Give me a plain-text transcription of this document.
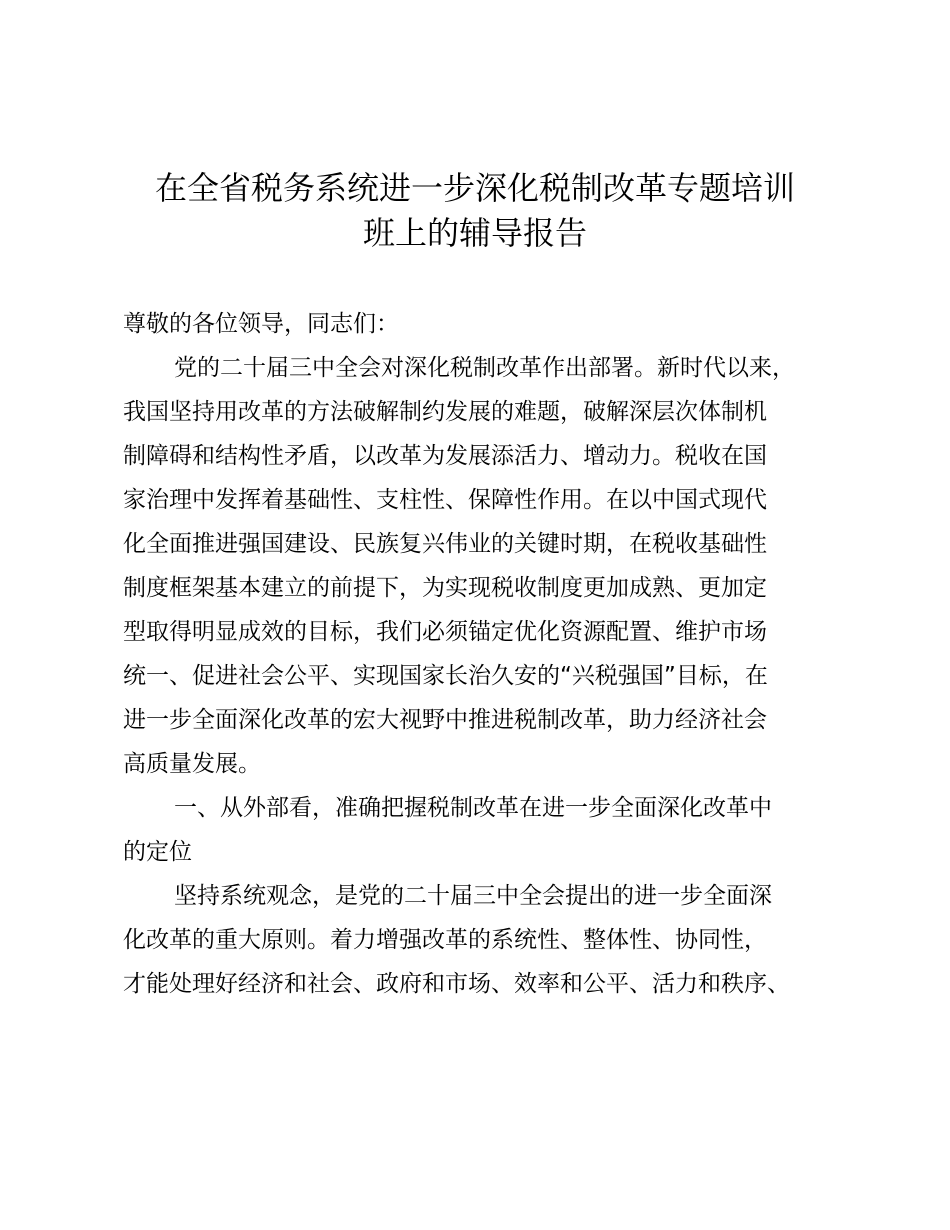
在全省税务系统进一步深化税制改革专题培训
班上的辅导报告

尊敬的各位领导，同志们：

党的二十届三中全会对深化税制改革作出部署。新时代以来，

我国坚持用改革的方法破解制约发展的难题，破解深层次体制机

制障碍和结构性矛盾，以改革为发展添活力、增动力。税收在国

家治理中发挥着基础性、支柱性、保障性作用。在以中国式现代

化全面推进强国建设、民族复兴伟业的关键时期，在税收基础性

制度框架基本建立的前提下，为实现税收制度更加成熟、更加定

型取得明显成效的目标，我们必须锚定优化资源配置、维护市场

统一、促进社会公平、实现国家长治久安的“兴税强国”目标，在

进一步全面深化改革的宏大视野中推进税制改革，助力经济社会

高质量发展。

一、从外部看，准确把握税制改革在进一步全面深化改革中

的定位

坚持系统观念，是党的二十届三中全会提出的进一步全面深

化改革的重大原则。着力增强改革的系统性、整体性、协同性，

才能处理好经济和社会、政府和市场、效率和公平、活力和秩序、
